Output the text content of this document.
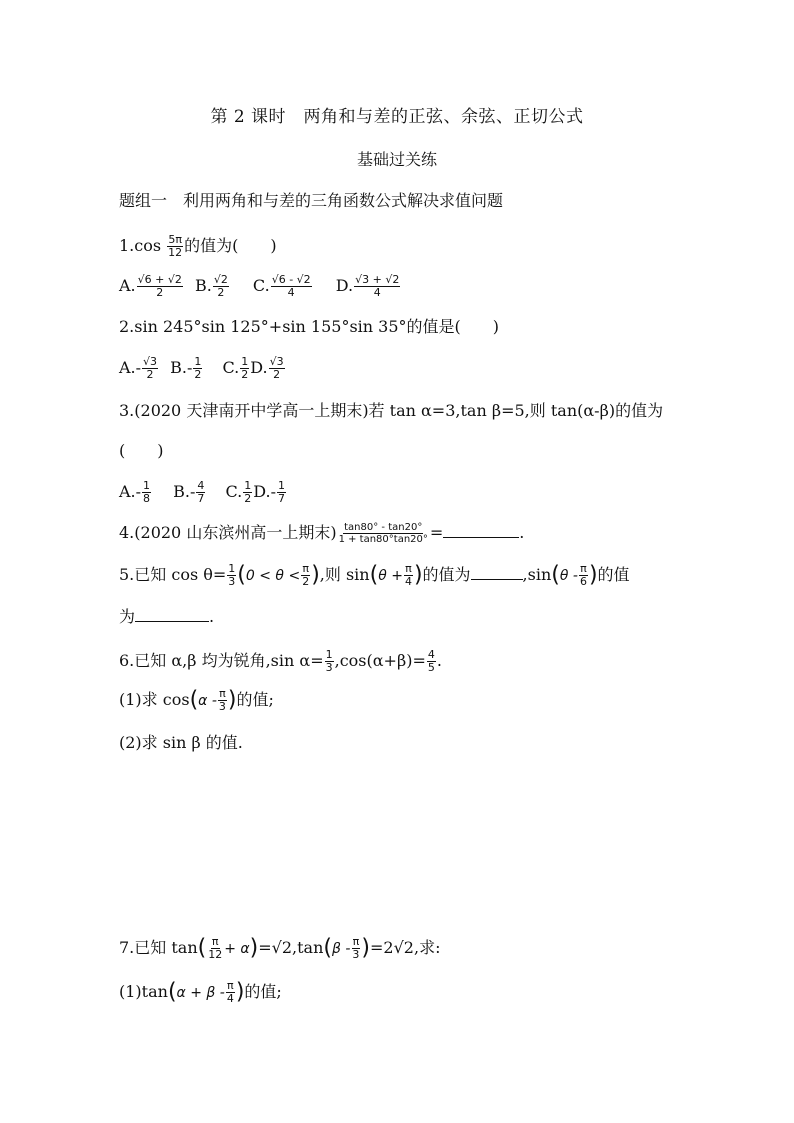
第 2 课时　两角和与差的正弦、余弦、正切公式
基础过关练
题组一　利用两角和与差的三角函数公式解决求值问题
$1.\cos \frac{5\pi}{12}$ 的值为(　　)
A. $\frac{√6 + √2}{2} B$. $\frac{√2}{2} C$. $\frac{√6 - √2}{4} D$. $\frac{√3 + √2}{4}$
2.sin 245°sin 125°+sin 155°sin 35°的值是(　　)
$A.- \frac{√3}{2} B.- \frac{1}{2} C$. $\frac{1}{2} D$. $\frac{√3}{2}$
3.(2020 天津南开中学高一上期末)若 tan α=3,tan β=5,则 tan(α-β)的值为
(　　)
$A.- \frac{1}{8} B.- \frac{4}{7} C$. $\frac{1}{2} D.- \frac{1}{7}$
4.(2020 山东滨州高一上期末) $\frac{\tan 80^\circ - \tan 20^\circ}{1 + \tan 80^\circ\tan 20^\circ}$ =	.
5.已知 $\cos \theta= \frac{1}{3} (0 < \theta < \frac{\pi}{2}$ ),则 $\sin(\theta + \frac{\pi}{4}$ )的值为	$,\sin(\theta - \frac{\pi}{6}$ )的值
为	.
6.已知 α,β 均为锐角,sin $\alpha= \frac{1}{3} ,\cos(\alpha+\beta)= \frac{4}{5}$ .
(1)求 $\cos(\alpha - \frac{\pi}{3}$ )的值;
(2)求 sin β 的值.
7.已知 $\tan( \frac{\pi}{12} + \alpha)=√2,\tan(\beta - \frac{\pi}{3} )=2√2$,求:
$(1)\tan(\alpha + \beta - \frac{\pi}{4}$ )的值;
